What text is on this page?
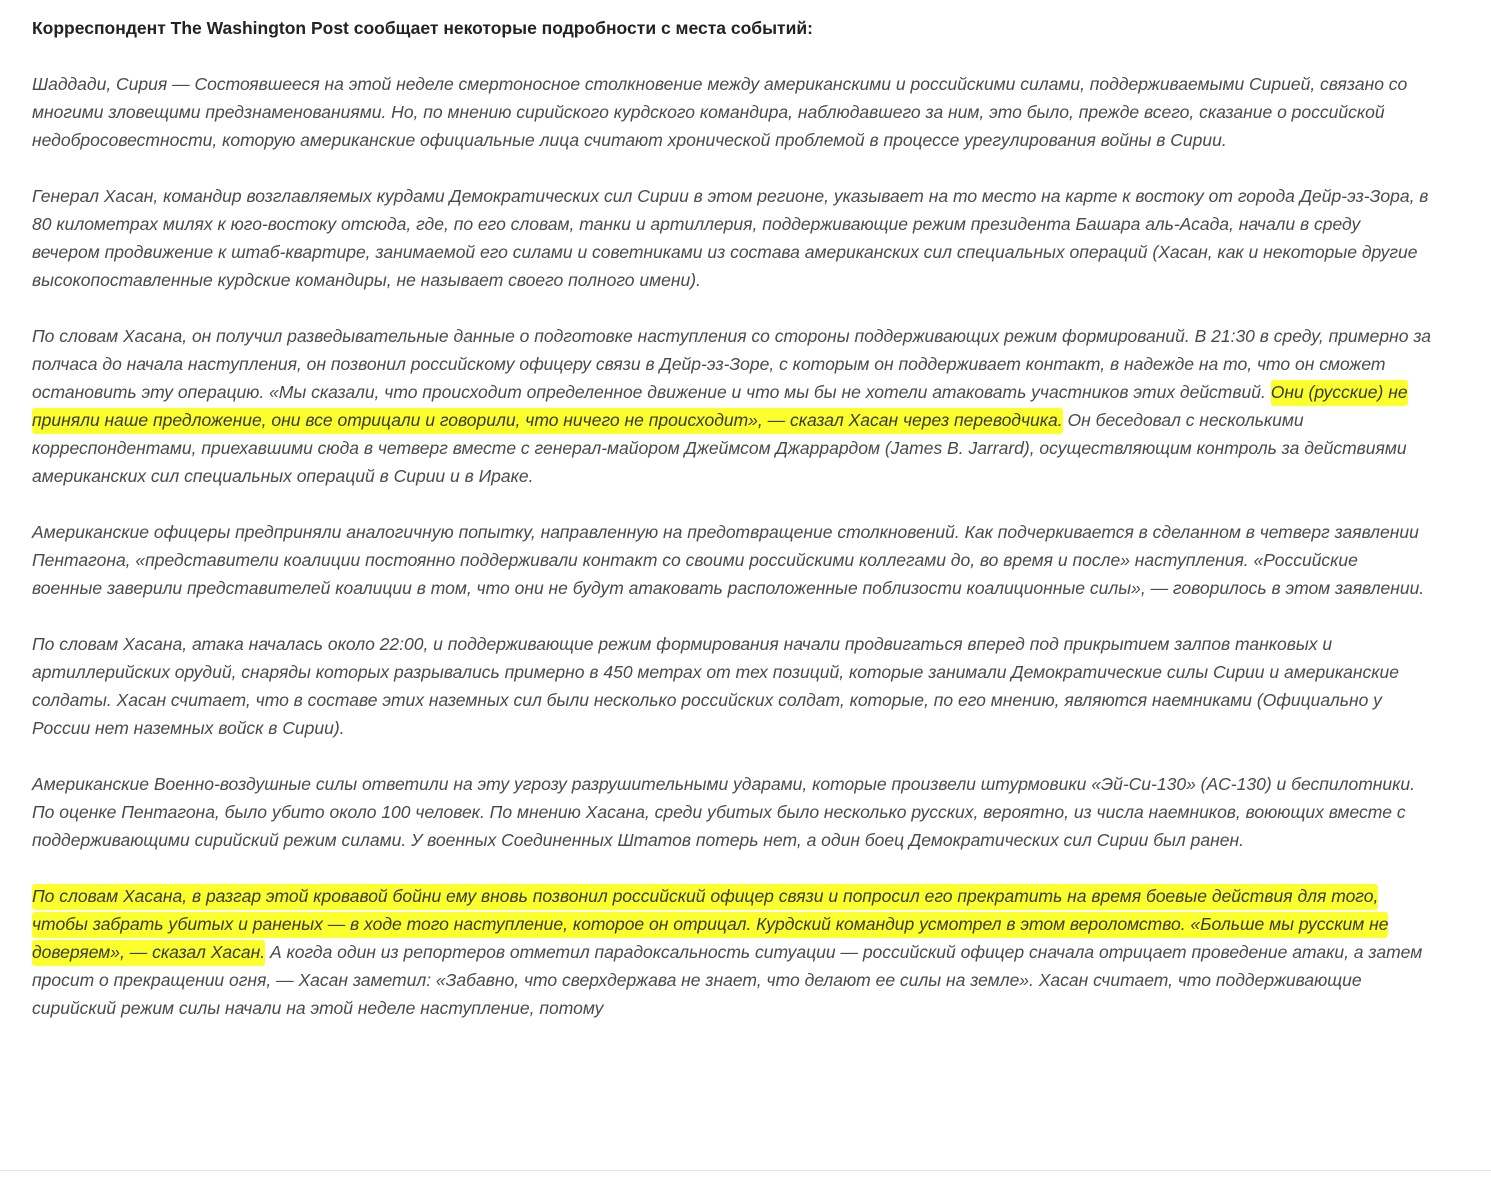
Корреспондент The Washington Post сообщает некоторые подробности с места событий:

Шаддади, Сирия — Состоявшееся на этой неделе смертоносное столкновение между американскими и российскими силами, поддерживаемыми Сирией, связано со многими зловещими предзнаменованиями. Но, по мнению сирийского курдского командира, наблюдавшего за ним, это было, прежде всего, сказание о российской недобросовестности, которую американские официальные лица считают хронической проблемой в процессе урегулирования войны в Сирии.

Генерал Хасан, командир возглавляемых курдами Демократических сил Сирии в этом регионе, указывает на то место на карте к востоку от города Дейр-эз-Зора, в 80 километрах милях к юго-востоку отсюда, где, по его словам, танки и артиллерия, поддерживающие режим президента Башара аль-Асада, начали в среду вечером продвижение к штаб-квартире, занимаемой его силами и советниками из состава американских сил специальных операций (Хасан, как и некоторые другие высокопоставленные курдские командиры, не называет своего полного имени).

По словам Хасана, он получил разведывательные данные о подготовке наступления со стороны поддерживающих режим формирований. В 21:30 в среду, примерно за полчаса до начала наступления, он позвонил российскому офицеру связи в Дейр-эз-Зоре, с которым он поддерживает контакт, в надежде на то, что он сможет остановить эту операцию. «Мы сказали, что происходит определенное движение и что мы бы не хотели атаковать участников этих действий. Они (русские) не приняли наше предложение, они все отрицали и говорили, что ничего не происходит», — сказал Хасан через переводчика. Он беседовал с несколькими корреспондентами, приехавшими сюда в четверг вместе с генерал-майором Джеймсом Джаррардом (James B. Jarrard), осуществляющим контроль за действиями американских сил специальных операций в Сирии и в Ираке.

Американские офицеры предприняли аналогичную попытку, направленную на предотвращение столкновений. Как подчеркивается в сделанном в четверг заявлении Пентагона, «представители коалиции постоянно поддерживали контакт со своими российскими коллегами до, во время и после» наступления. «Российские военные заверили представителей коалиции в том, что они не будут атаковать расположенные поблизости коалиционные силы», — говорилось в этом заявлении.

По словам Хасана, атака началась около 22:00, и поддерживающие режим формирования начали продвигаться вперед под прикрытием залпов танковых и артиллерийских орудий, снаряды которых разрывались примерно в 450 метрах от тех позиций, которые занимали Демократические силы Сирии и американские солдаты. Хасан считает, что в составе этих наземных сил были несколько российских солдат, которые, по его мнению, являются наемниками (Официально у России нет наземных войск в Сирии).

Американские Военно-воздушные силы ответили на эту угрозу разрушительными ударами, которые произвели штурмовики «Эй-Си-130» (AC-130) и беспилотники. По оценке Пентагона, было убито около 100 человек. По мнению Хасана, среди убитых было несколько русских, вероятно, из числа наемников, воюющих вместе с поддерживающими сирийский режим силами. У военных Соединенных Штатов потерь нет, а один боец Демократических сил Сирии был ранен.

По словам Хасана, в разгар этой кровавой бойни ему вновь позвонил российский офицер связи и попросил его прекратить на время боевые действия для того, чтобы забрать убитых и раненых — в ходе того наступление, которое он отрицал. Курдский командир усмотрел в этом вероломство. «Больше мы русским не доверяем», — сказал Хасан. А когда один из репортеров отметил парадоксальность ситуации — российский офицер сначала отрицает проведение атаки, а затем просит о прекращении огня, — Хасан заметил: «Забавно, что сверхдержава не знает, что делают ее силы на земле». Хасан считает, что поддерживающие сирийский режим силы начали на этой неделе наступление, потому
